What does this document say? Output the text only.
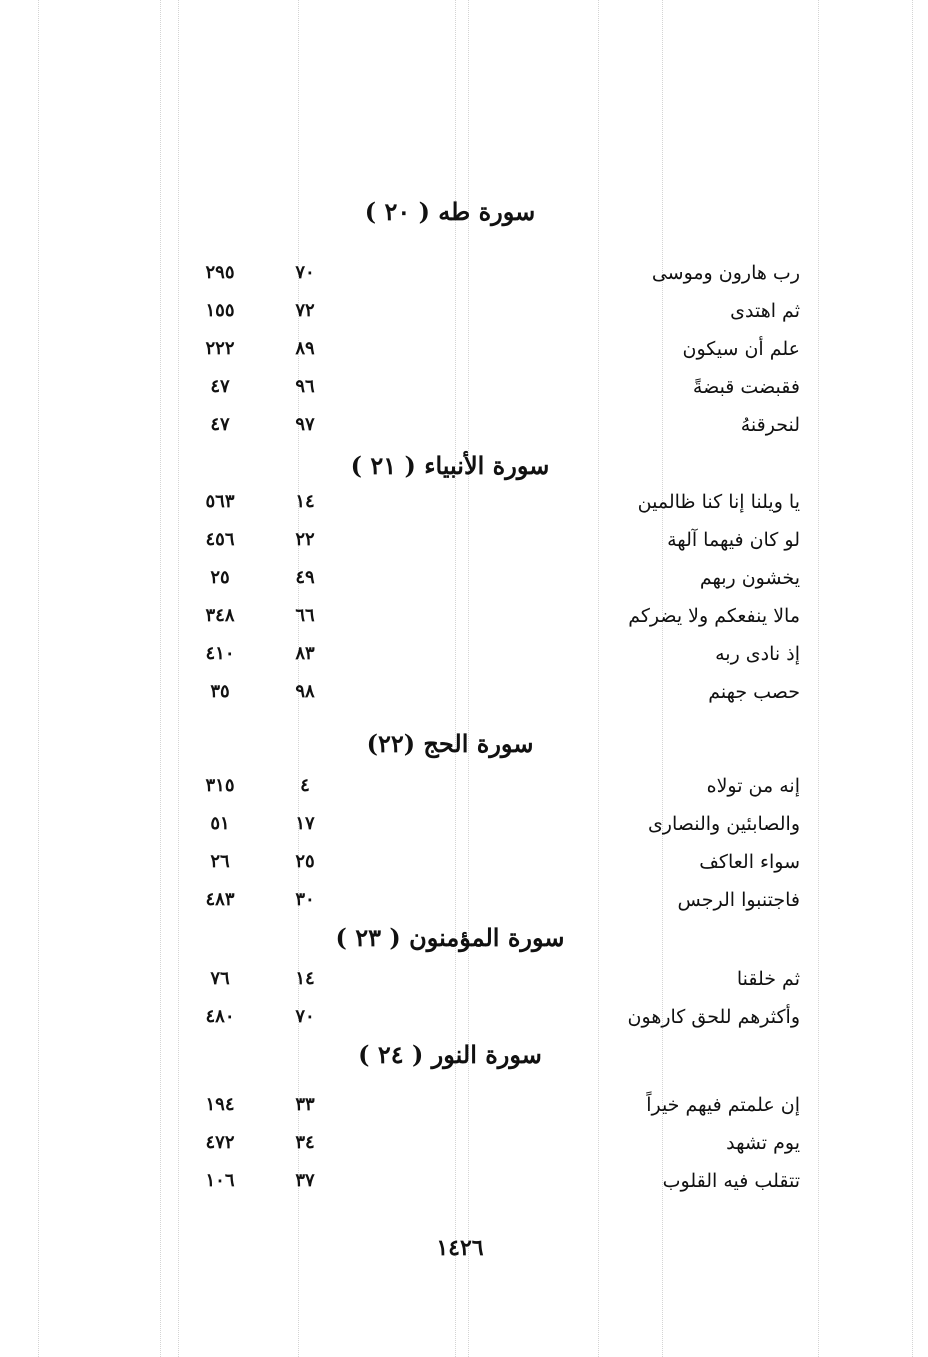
سورة طه ( ٢٠ )
رب هارون وموسى
٧٠
٢٩٥
ثم اهتدى
٧٢
١٥٥
علم أن سيكون
٨٩
٢٢٢
فقبضت قبضةً
٩٦
٤٧
لنحرقنهُ
٩٧
٤٧
سورة الأنبياء ( ٢١ )
يا ويلنا إنا كنا ظالمين
١٤
٥٦٣
لو كان فيهما آلهة
٢٢
٤٥٦
يخشون ربهم
٤٩
٢٥
مالا ينفعكم ولا يضركم
٦٦
٣٤٨
إذ نادى ربه
٨٣
٤١٠
حصب جهنم
٩٨
٣٥
سورة الحج (٢٢)
إنه من تولاه
٤
٣١٥
والصابئين والنصارى
١٧
٥١
سواء العاكف
٢٥
٢٦
فاجتنبوا الرجس
٣٠
٤٨٣
سورة المؤمنون ( ٢٣ )
ثم خلقنا
١٤
٧٦
وأكثرهم للحق كارهون
٧٠
٤٨٠
سورة النور ( ٢٤ )
إن علمتم فيهم خيراً
٣٣
١٩٤
يوم تشهد
٣٤
٤٧٢
تتقلب فيه القلوب
٣٧
١٠٦
١٤٢٦
